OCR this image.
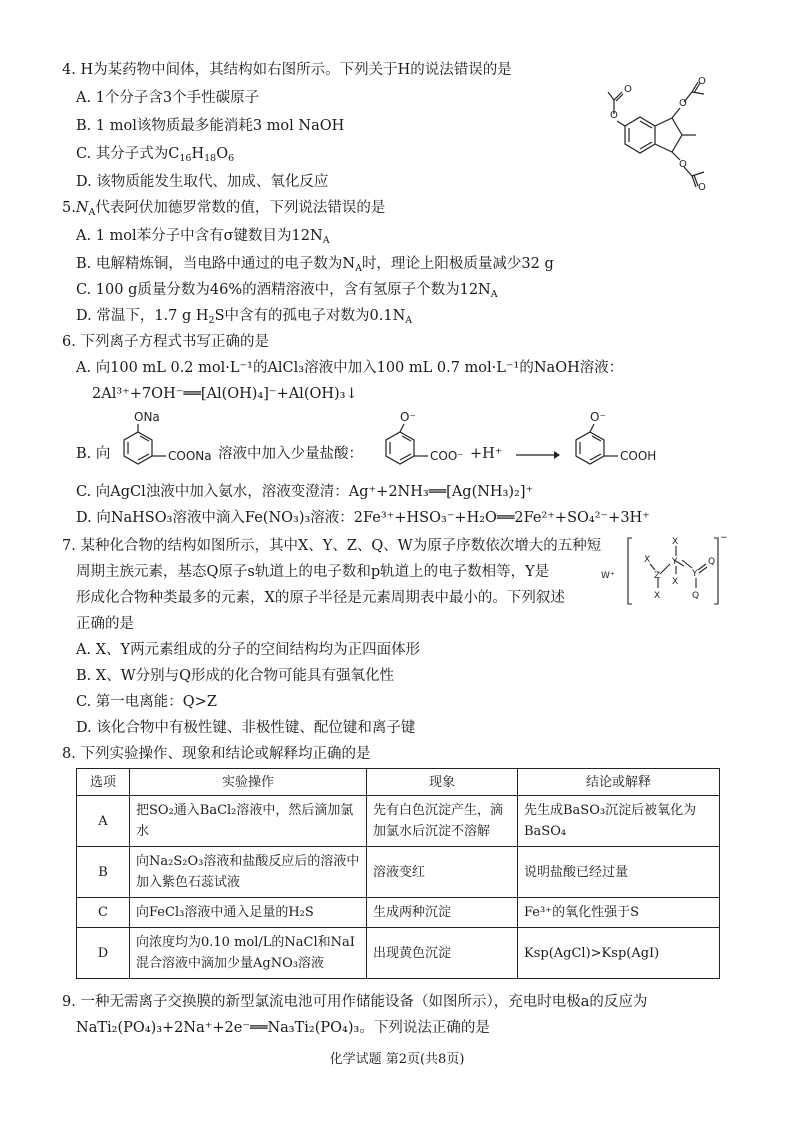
4. H为某药物中间体，其结构如右图所示。下列关于H的说法错误的是
A. 1个分子含3个手性碳原子
B. 1 mol该物质最多能消耗3 mol NaOH
C. 其分子式为$C_{16}H_{18}O_6$
D. 该物质能发生取代、加成、氧化反应
O
O
O
O
O
O
$5.N_A$代表阿伏加德罗常数的值，下列说法错误的是
A. 1 mol苯分子中含有σ键数目为$12N_A$
B. 电解精炼铜，当电路中通过的电子数为$N_A$时，理论上阳极质量减少32 g
C. 100 g质量分数为46%的酒精溶液中，含有氢原子个数为$12N_A$
D. 常温下，1.7 g $H_2S$中含有的孤电子对数为$0.1N_A$
6. 下列离子方程式书写正确的是
A. 向100 mL 0.2 mol·L⁻¹的AlCl₃溶液中加入100 mL 0.7 mol·L⁻¹的NaOH溶液：
2Al³⁺+7OH⁻══[Al(OH)₄]⁻+Al(OH)₃↓
B. 向
ONa
COONa 溶液中加入少量盐酸：
O⁻
COO⁻ +H⁺ →
O⁻
COOH
C. 向AgCl浊液中加入氨水，溶液变澄清：Ag⁺+2NH₃══[Ag(NH₃)₂]⁺
D. 向NaHSO₃溶液中滴入Fe(NO₃)₃溶液：2Fe³⁺+HSO₃⁻+H₂O══2Fe²⁺+SO₄²⁻+3H⁺
7. 某种化合物的结构如图所示，其中X、Y、Z、Q、W为原子序数依次增大的五种短
周期主族元素，基态Q原子s轨道上的电子数和p轨道上的电子数相等，Y是
形成化合物种类最多的元素，X的原子半径是元素周期表中最小的。下列叙述
正确的是
A. X、Y两元素组成的分子的空间结构均为正四面体形
B. X、W分别与Q形成的化合物可能具有强氧化性
C. 第一电离能：Q>Z
D. 该化合物中有极性键、非极性键、配位键和离子键
W⁺
X
Z
X
X
Y
X
Y
Q
Q
−
8. 下列实验操作、现象和结论或解释均正确的是
选项	实验操作	现象	结论或解释
A	把SO₂通入BaCl₂溶液中，然后滴加氯水	先有白色沉淀产生，滴加氯水后沉淀不溶解	先生成BaSO₃沉淀后被氧化为BaSO₄
B	向Na₂S₂O₃溶液和盐酸反应后的溶液中加入紫色石蕊试液	溶液变红	说明盐酸已经过量
C	向FeCl₃溶液中通入足量的H₂S	生成两种沉淀	Fe³⁺的氧化性强于S
D	向浓度均为0.10 mol/L的NaCl和NaI混合溶液中滴加少量AgNO₃溶液	出现黄色沉淀	Ksp(AgCl)>Ksp(AgI)
9. 一种无需离子交换膜的新型氯流电池可用作储能设备（如图所示），充电时电极a的反应为
NaTi₂(PO₄)₃+2Na⁺+2e⁻══Na₃Ti₂(PO₄)₃。下列说法正确的是
化学试题 第2页(共8页)
